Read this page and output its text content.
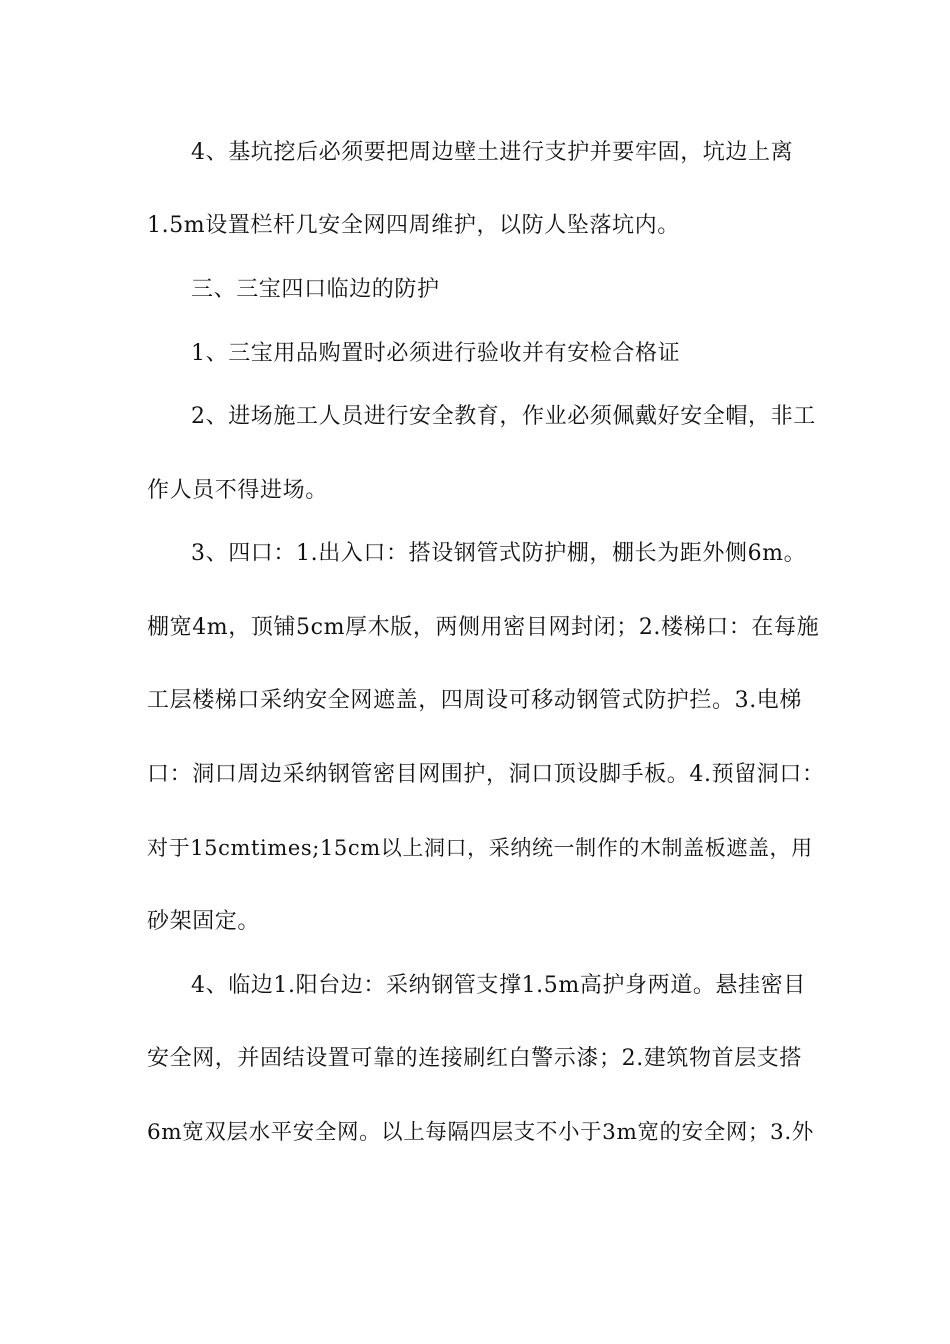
4、基坑挖后必须要把周边壁土进行支护并要牢固，坑边上离
1.5m设置栏杆几安全网四周维护，以防人坠落坑内。
三、三宝四口临边的防护
1、三宝用品购置时必须进行验收并有安检合格证
2、进场施工人员进行安全教育，作业必须佩戴好安全帽，非工
作人员不得进场。
3、四口：1.出入口：搭设钢管式防护棚，棚长为距外侧6m。
棚宽4m，顶铺5cm厚木版，两侧用密目网封闭；2.楼梯口：在每施
工层楼梯口采纳安全网遮盖，四周设可移动钢管式防护拦。3.电梯
口：洞口周边采纳钢管密目网围护，洞口顶设脚手板。4.预留洞口：
对于15cmtimes;15cm以上洞口，采纳统一制作的木制盖板遮盖，用
砂架固定。
4、临边1.阳台边：采纳钢管支撑1.5m高护身两道。悬挂密目
安全网，并固结设置可靠的连接刷红白警示漆；2.建筑物首层支搭
6m宽双层水平安全网。以上每隔四层支不小于3m宽的安全网；3.外
